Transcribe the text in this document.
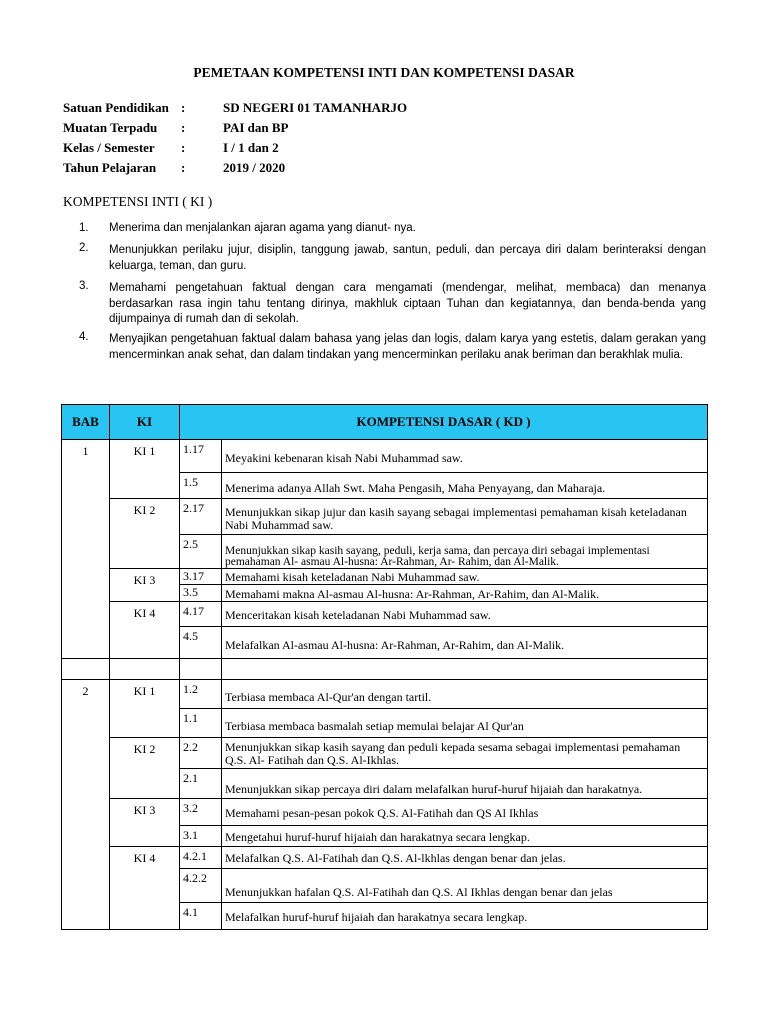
PEMETAAN KOMPETENSI INTI DAN KOMPETENSI DASAR
Satuan Pendidikan :	SD NEGERI 01 TAMANHARJO
Muatan Terpadu :	PAI dan BP
Kelas / Semester :	I / 1 dan 2
Tahun Pelajaran :	2019 / 2020
KOMPETENSI INTI ( KI )
1. Menerima dan menjalankan ajaran agama yang dianut- nya.
2. Menunjukkan perilaku jujur, disiplin, tanggung jawab, santun, peduli, dan percaya diri dalam berinteraksi dengan keluarga, teman, dan guru.
3. Memahami pengetahuan faktual dengan cara mengamati (mendengar, melihat, membaca) dan menanya berdasarkan rasa ingin tahu tentang dirinya, makhluk ciptaan Tuhan dan kegiatannya, dan benda-benda yang dijumpainya di rumah dan di sekolah.
4. Menyajikan pengetahuan faktual dalam bahasa yang jelas dan logis, dalam karya yang estetis, dalam gerakan yang mencerminkan anak sehat, dan dalam tindakan yang mencerminkan perilaku anak beriman dan berakhlak mulia.
BAB	KI	KOMPETENSI DASAR ( KD )	
1	KI 1	1.17	Meyakini kebenaran kisah Nabi Muhammad saw.
		1.5	Menerima adanya Allah Swt. Maha Pengasih, Maha Penyayang, dan Maharaja.
	KI 2	2.17	Menunjukkan sikap jujur dan kasih sayang sebagai implementasi pemahaman kisah keteladanan Nabi Muhammad saw.
		2.5	Menunjukkan sikap kasih sayang, peduli, kerja sama, dan percaya diri sebagai implementasi pemahaman Al- asmau Al-husna: Ar-Rahman, Ar- Rahim, dan Al-Malik.
	KI 3	3.17	Memahami kisah keteladanan Nabi Muhammad saw.
		3.5	Memahami makna Al-asmau Al-husna: Ar-Rahman, Ar-Rahim, dan Al-Malik.
	KI 4	4.17	Menceritakan kisah keteladanan Nabi Muhammad saw.
		4.5	Melafalkan Al-asmau Al-husna: Ar-Rahman, Ar-Rahim, dan Al-Malik.

2	KI 1	1.2	Terbiasa membaca Al-Qur'an dengan tartil.
		1.1	Terbiasa membaca basmalah setiap memulai belajar Al Qur'an
	KI 2	2.2	Menunjukkan sikap kasih sayang dan peduli kepada sesama sebagai implementasi pemahaman Q.S. Al- Fatihah dan Q.S. Al-Ikhlas.
		2.1	Menunjukkan sikap percaya diri dalam melafalkan huruf-huruf hijaiah dan harakatnya.
	KI 3	3.2	Memahami pesan-pesan pokok Q.S. Al-Fatihah dan QS Al Ikhlas
		3.1	Mengetahui huruf-huruf hijaiah dan harakatnya secara lengkap.
	KI 4	4.2.1	Melafalkan Q.S. Al-Fatihah dan Q.S. Al-lkhlas dengan benar dan jelas.
		4.2.2	Menunjukkan hafalan Q.S. Al-Fatihah dan Q.S. Al Ikhlas dengan benar dan jelas
		4.1	Melafalkan huruf-huruf hijaiah dan harakatnya secara lengkap.
